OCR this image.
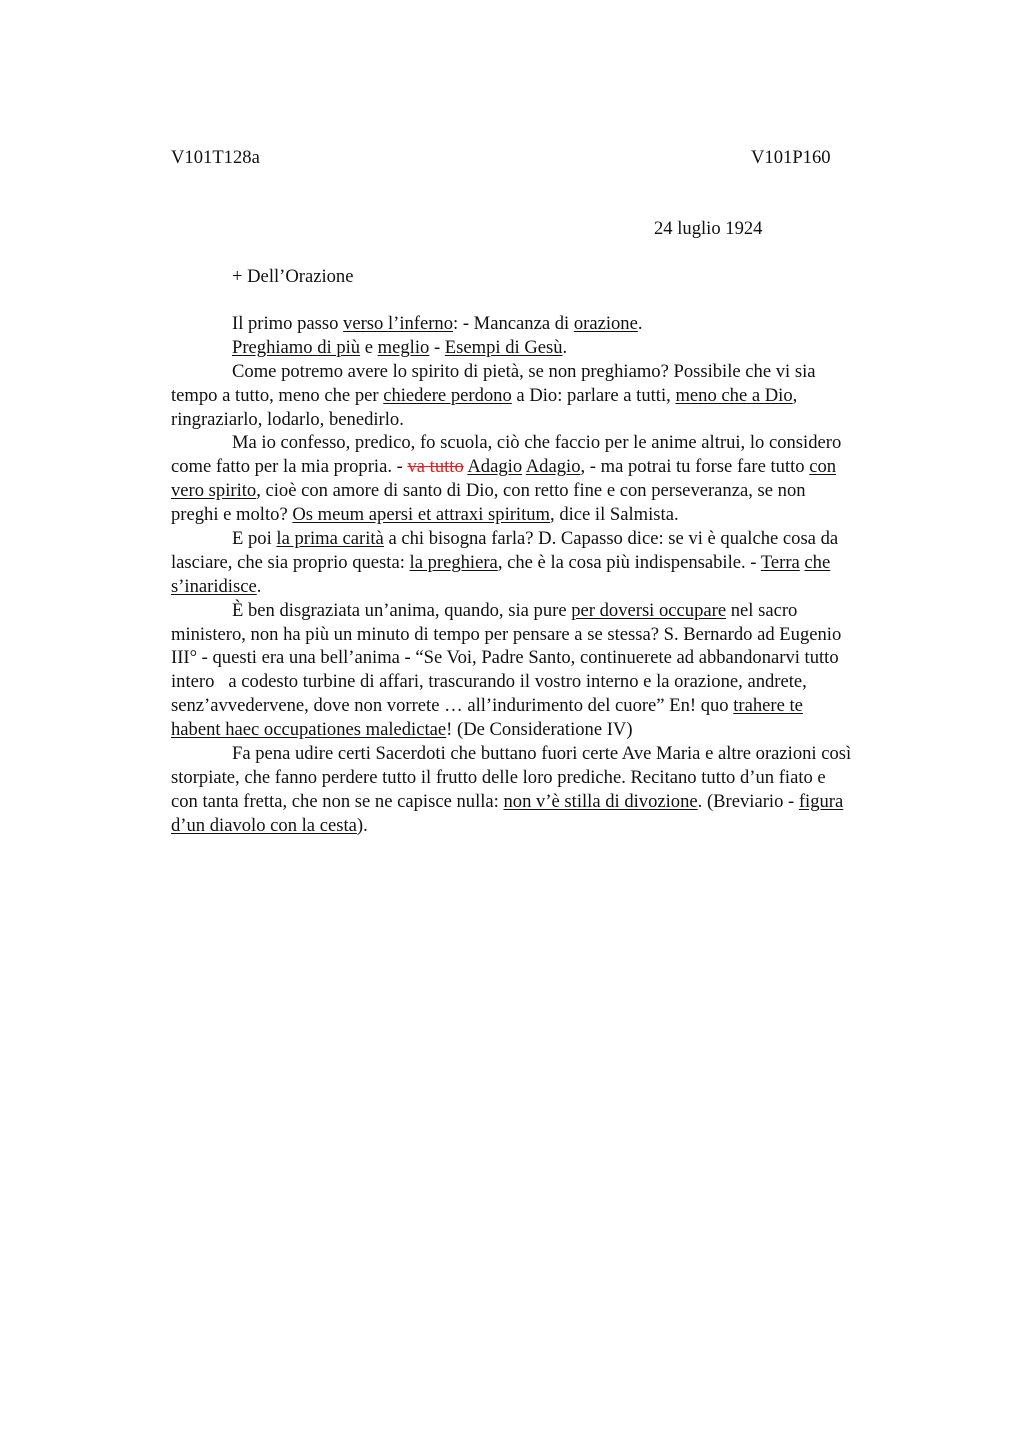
V101T128a	V101P160
24 luglio 1924
+ Dell’Orazione
Il primo passo verso l’inferno: - Mancanza di orazione.
Preghiamo di più e meglio - Esempi di Gesù.
Come potremo avere lo spirito di pietà, se non preghiamo? Possibile che vi sia
tempo a tutto, meno che per chiedere perdono a Dio: parlare a tutti, meno che a Dio,
ringraziarlo, lodarlo, benedirlo.
Ma io confesso, predico, fo scuola, ciò che faccio per le anime altrui, lo considero
come fatto per la mia propria. - va tutto Adagio Adagio, - ma potrai tu forse fare tutto con
vero spirito, cioè con amore di santo di Dio, con retto fine e con perseveranza, se non
preghi e molto? Os meum apersi et attraxi spiritum, dice il Salmista.
E poi la prima carità a chi bisogna farla? D. Capasso dice: se vi è qualche cosa da
lasciare, che sia proprio questa: la preghiera, che è la cosa più indispensabile. - Terra che
s’inaridisce.
È ben disgraziata un’anima, quando, sia pure per doversi occupare nel sacro
ministero, non ha più un minuto di tempo per pensare a se stessa? S. Bernardo ad Eugenio
III° - questi era una bell’anima - “Se Voi, Padre Santo, continuerete ad abbandonarvi tutto
intero a codesto turbine di affari, trascurando il vostro interno e la orazione, andrete,
senz’avvedervene, dove non vorrete … all’indurimento del cuore” En! quo trahere te
habent haec occupationes maledictae! (De Consideratione IV)
Fa pena udire certi Sacerdoti che buttano fuori certe Ave Maria e altre orazioni così
storpiate, che fanno perdere tutto il frutto delle loro prediche. Recitano tutto d’un fiato e
con tanta fretta, che non se ne capisce nulla: non v’è stilla di divozione. (Breviario - figura
d’un diavolo con la cesta).
